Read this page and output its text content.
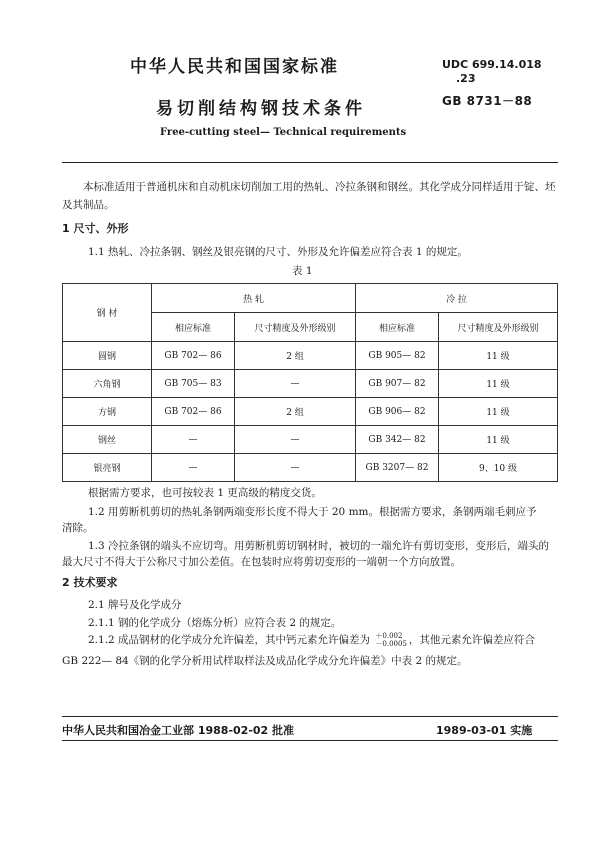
中华人民共和国国家标准	UDC 699.14.018
.23
GB 8731－88
易切削结构钢技术条件
Free-cutting steel— Technical requirements
本标准适用于普通机床和自动机床切削加工用的热轧、冷拉条钢和钢丝。其化学成分同样适用于锭、坯及其制品。
1 尺寸、外形
1.1 热轧、冷拉条钢、钢丝及银亮钢的尺寸、外形及允许偏差应符合表 1 的规定。
表 1
钢 材	热 轧		冷 拉	
	相应标准	尺寸精度及外形级别	相应标准	尺寸精度及外形级别
圆钢	GB 702— 86	2 组	GB 905— 82	11 级
六角钢	GB 705— 83	—	GB 907— 82	11 级
方钢	GB 702— 86	2 组	GB 906— 82	11 级
钢丝	—	—	GB 342— 82	11 级
银亮钢	—	—	GB 3207— 82	9、10 级
根据需方要求，也可按较表 1 更高级的精度交货。
1.2 用剪断机剪切的热轧条钢两端变形长度不得大于 20 mm。根据需方要求，条钢两端毛刺应予
清除。
1.3 冷拉条钢的端头不应切弯。用剪断机剪切钢材时，被切的一端允许有剪切变形，变形后，端头的
最大尺寸不得大于公称尺寸加公差值。在包装时应将剪切变形的一端朝一个方向放置。
2 技术要求
2.1 牌号及化学成分
2.1.1 钢的化学成分（熔炼分析）应符合表 2 的规定。
2.1.2 成品钢材的化学成分允许偏差，其中钙元素允许偏差为 ＋0.002
－0.0005 ，其他元素允许偏差应符合
GB 222— 84《钢的化学分析用试样取样法及成品化学成分允许偏差》中表 2 的规定。
中华人民共和国冶金工业部 1988-02-02 批准	1989-03-01 实施
